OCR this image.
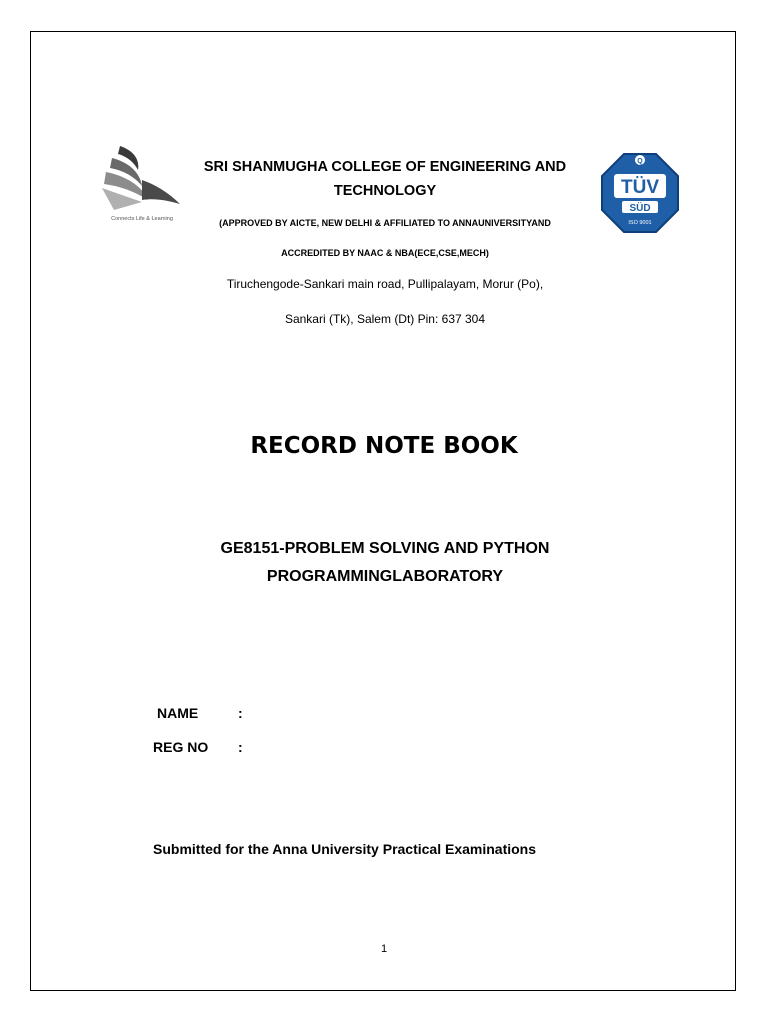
Connects Life & Learning
Q
TÜV
SÜD
ISO 9001
SRI SHANMUGHA COLLEGE OF ENGINEERING AND
TECHNOLOGY
(APPROVED BY AICTE, NEW DELHI & AFFILIATED TO ANNAUNIVERSITYAND
ACCREDITED BY NAAC & NBA(ECE,CSE,MECH)
Tiruchengode-Sankari main road, Pullipalayam, Morur (Po),
Sankari (Tk), Salem (Dt) Pin: 637 304
RECORD NOTE BOOK
GE8151-PROBLEM SOLVING AND PYTHON
PROGRAMMINGLABORATORY
NAME	:
REG NO :
Submitted for the Anna University Practical Examinations
1
